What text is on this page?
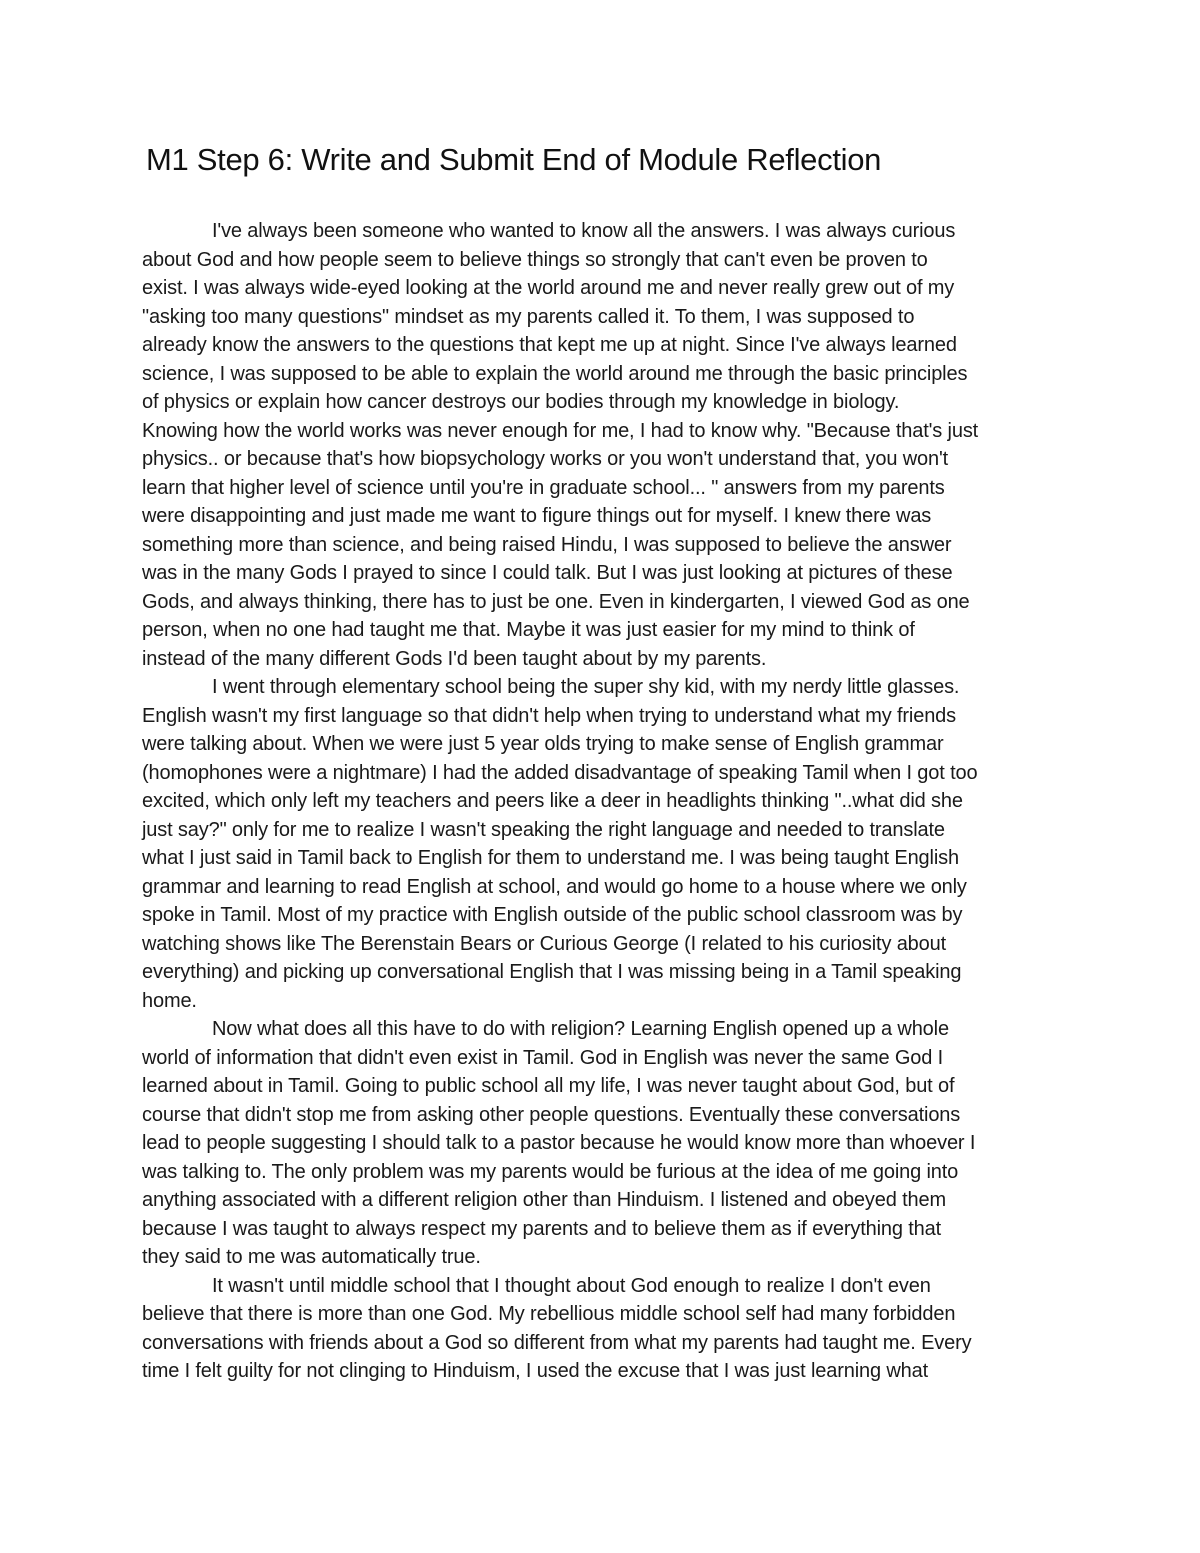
M1 Step 6: Write and Submit End of Module Reflection
I've always been someone who wanted to know all the answers. I was always curious
about God and how people seem to believe things so strongly that can't even be proven to
exist. I was always wide-eyed looking at the world around me and never really grew out of my
"asking too many questions" mindset as my parents called it. To them, I was supposed to
already know the answers to the questions that kept me up at night. Since I've always learned
science, I was supposed to be able to explain the world around me through the basic principles
of physics or explain how cancer destroys our bodies through my knowledge in biology.
Knowing how the world works was never enough for me, I had to know why. "Because that's just
physics.. or because that's how biopsychology works or you won't understand that, you won't
learn that higher level of science until you're in graduate school... " answers from my parents
were disappointing and just made me want to figure things out for myself. I knew there was
something more than science, and being raised Hindu, I was supposed to believe the answer
was in the many Gods I prayed to since I could talk. But I was just looking at pictures of these
Gods, and always thinking, there has to just be one. Even in kindergarten, I viewed God as one
person, when no one had taught me that. Maybe it was just easier for my mind to think of
instead of the many different Gods I'd been taught about by my parents.
I went through elementary school being the super shy kid, with my nerdy little glasses.
English wasn't my first language so that didn't help when trying to understand what my friends
were talking about. When we were just 5 year olds trying to make sense of English grammar
(homophones were a nightmare) I had the added disadvantage of speaking Tamil when I got too
excited, which only left my teachers and peers like a deer in headlights thinking "..what did she
just say?" only for me to realize I wasn't speaking the right language and needed to translate
what I just said in Tamil back to English for them to understand me. I was being taught English
grammar and learning to read English at school, and would go home to a house where we only
spoke in Tamil. Most of my practice with English outside of the public school classroom was by
watching shows like The Berenstain Bears or Curious George (I related to his curiosity about
everything) and picking up conversational English that I was missing being in a Tamil speaking
home.
Now what does all this have to do with religion? Learning English opened up a whole
world of information that didn't even exist in Tamil. God in English was never the same God I
learned about in Tamil. Going to public school all my life, I was never taught about God, but of
course that didn't stop me from asking other people questions. Eventually these conversations
lead to people suggesting I should talk to a pastor because he would know more than whoever I
was talking to. The only problem was my parents would be furious at the idea of me going into
anything associated with a different religion other than Hinduism. I listened and obeyed them
because I was taught to always respect my parents and to believe them as if everything that
they said to me was automatically true.
It wasn't until middle school that I thought about God enough to realize I don't even
believe that there is more than one God. My rebellious middle school self had many forbidden
conversations with friends about a God so different from what my parents had taught me. Every
time I felt guilty for not clinging to Hinduism, I used the excuse that I was just learning what
